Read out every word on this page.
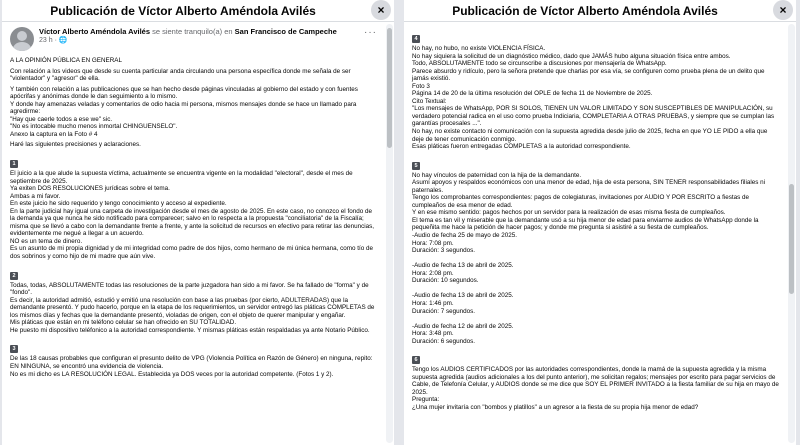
Publicación de Víctor Alberto Améndola Avilés	×
Víctor Alberto Améndola Avilés se siente tranquilo(a) en San Francisco de Campeche
23 h · 🌐
···

A LA OPINIÓN PÚBLICA EN GENERAL

Con relación a los videos que desde su cuenta particular anda circulando una persona específica donde me señala de ser "violentador" y "agresor" de ella.

Y también con relación a las publicaciones que se han hecho desde páginas vinculadas al gobierno del estado y con fuentes apócrifas y anónimas donde le dan seguimiento a lo mismo.
Y donde hay amenazas veladas y comentarios de odio hacia mi persona, mismos mensajes donde se hace un llamado para agredirme:
"Hay que caerle todos a ese we" sic.
"No es intocable mucho menos inmortal CHINGUENSELO".
Anexo la captura en la Foto # 4

Haré las siguientes precisiones y aclaraciones.

1

El juicio a la que alude la supuesta víctima, actualmente se encuentra vigente en la modalidad "electoral", desde el mes de septiembre de 2025.
Ya exiten DOS RESOLUCIONES jurídicas sobre el tema.
Ambas a mi favor.
En este juicio he sido requerido y tengo conocimiento y acceso al expediente.
En la parte judicial hay igual una carpeta de investigación desde el mes de agosto de 2025. En este caso, no conozco el fondo de la demanda ya que nunca he sido notificado para comparecer; salvo en lo respecta a la propuesta "conciliatoria" de la Fiscalía; misma que se llevó a cabo con la demandante frente a frente, y ante la solicitud de recursos en efectivo para retirar las denuncias, evidentemente me negué a llegar a un acuerdo.
NO es un tema de dinero.
Es un asunto de mi propia dignidad y de mi integridad como padre de dos hijos, como hermano de mi única hermana, como tío de dos sobrinos y como hijo de mi madre que aún vive.

2

Todas, todas, ABSOLUTAMENTE todas las resoluciones de la parte juzgadora han sido a mi favor. Se ha fallado de "forma" y de "fondo".
Es decir, la autoridad admitió, estudió y emitió una resolución con base a las pruebas (por cierto, ADULTERADAS) que la demandante presentó. Y pudo hacerlo, porque en la etapa de los requerimientos, un servidor entregó las pláticas COMPLETAS de los mismos días y fechas que la demandante presentó, violadas de origen, con el objeto de querer manipular y engañar.
Mis pláticas que están en mi teléfono celular se han ofrecido en SU TOTALIDAD.
He puesto mi dispositivo teléfonico a la autoridad correspondiente. Y mismas pláticas están respaldadas ya ante Notario Público.

3

De las 18 causas probables que configuran el presunto delito de VPG (Violencia Política en Razón de Género) en ninguna, repito: EN NINGUNA, se encontró una evidencia de violencia.
No es mi dicho es LA RESOLUCIÓN LEGAL. Establecida ya DOS veces por la autoridad competente. (Fotos 1 y 2).

Publicación de Víctor Alberto Améndola Avilés	×
4

No hay, no hubo, no existe VIOLENCIA FÍSICA.
No hay siquiera la solicitud de un diagnóstico médico, dado que JAMÁS hubo alguna situación física entre ambos.
Todo, ABSOLUTAMENTE todo se circunscribe a discusiones por mensajería de WhatsApp.
Parece absurdo y ridículo, pero la señora pretende que charlas por esa vía, se configuren como prueba plena de un delito que jamás existió.
Foto 3
Página 14 de 20 de la última resolución del OPLE de fecha 11 de Noviembre de 2025.
Cito Textual:
"Los mensajes de WhatsApp, POR SI SOLOS, TIENEN UN VALOR LIMITADO Y SON SUSCEPTIBLES DE MANIPULACIÓN, su verdadero potencial radica en el uso como prueba Indiciaria, COMPLETARIA A OTRAS PRUEBAS, y siempre que se cumplan las garantías procesales ...".
No hay, no existe contacto ni comunicación con la supuesta agredida desde julio de 2025, fecha en que YO LE PIDO a ella que deje de tener comunicación conmigo.
Esas pláticas fueron entregadas COMPLETAS a la autoridad correspondiente.

5

No hay vínculos de paternidad con la hija de la demandante.
Asumí apoyos y respaldos económicos con una menor de edad, hija de esta persona, SIN TENER responsabilidades filiales ni paternales.
Tengo los comprobantes correspondientes: pagos de colegiaturas, invitaciones por AUDIO Y POR ESCRITO a fiestas de cumpleaños de esa menor de edad.
Y en ese mismo sentido: pagos hechos por un servidor para la realización de esas misma fiesta de cumpleaños.
El tema es tan vil y miserable que la demandante usó a su hija menor de edad para enviarme audios de WhatsApp donde la pequeñita me hace la petición de hacer pagos; y donde me pregunta si asistiré a su fiesta de cumpleaños.
-Audio de fecha 25 de mayo de 2025.
Hora: 7:08 pm.
Duración: 3 segundos.

-Audio de fecha 13 de abril de 2025.
Hora: 2:08 pm.
Duración: 10 segundos.

-Audio de fecha 13 de abril de 2025.
Hora: 1:46 pm.
Duración: 7 segundos.

-Audio de fecha 12 de abril de 2025.
Hora: 3:48 pm.
Duración: 6 segundos.

6

Tengo los AUDIOS CERTIFICADOS por las autoridades correspondientes, donde la mamá de la supuesta agredida y la misma supuesta agredida (audios adicionales a los del punto anterior), me solicitan regalos; mensajes por escrito para pagar servicios de Cable, de Telefonía Celular, y AUDIOS donde se me dice que SOY EL PRIMER INVITADO a la fiesta familiar de su hija en mayo de 2025.
Pregunta:
¿Una mujer invitaría con "bombos y platillos" a un agresor a la fiesta de su propia hija menor de edad?
